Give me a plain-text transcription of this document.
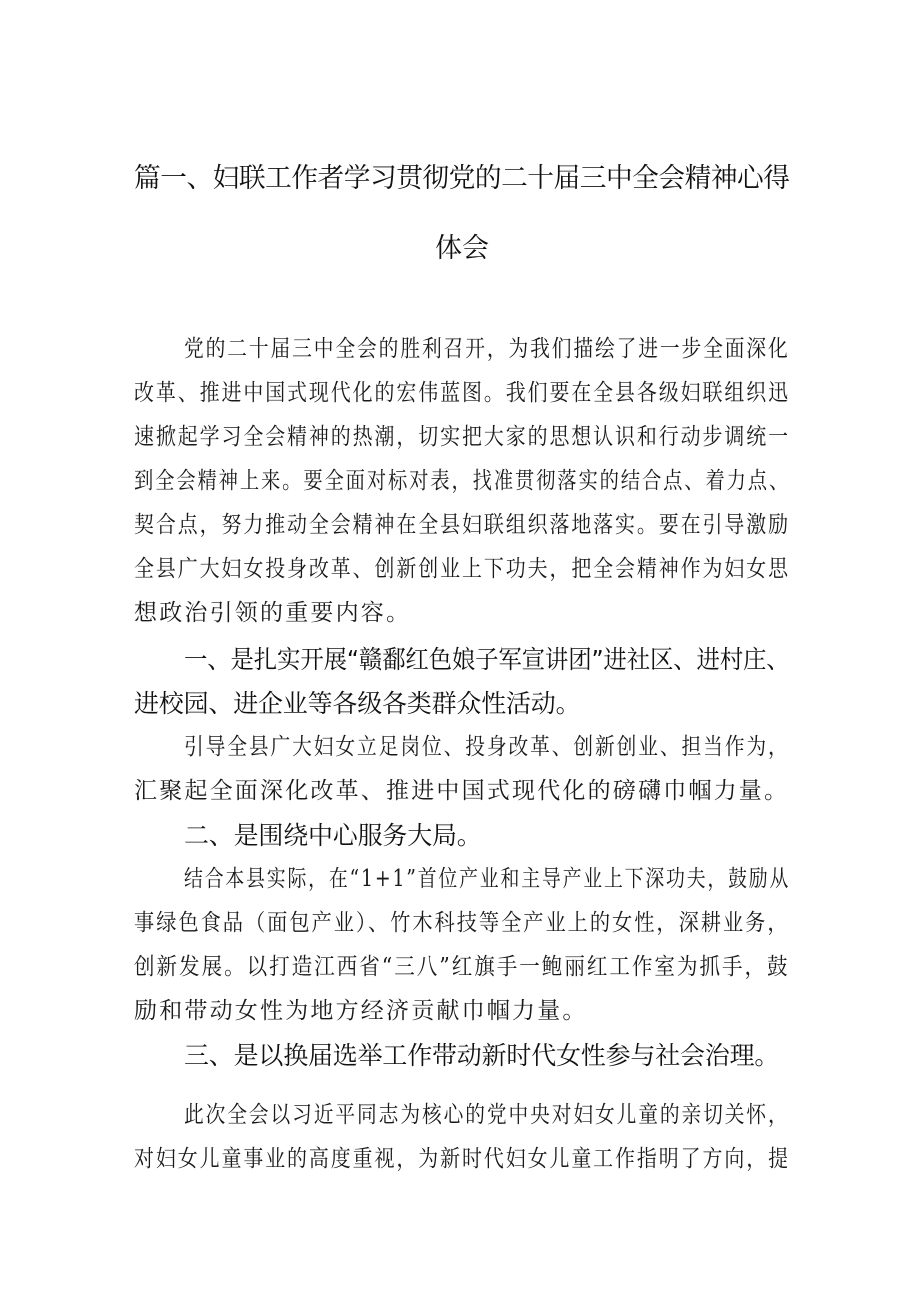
篇一、妇联工作者学习贯彻党的二十届三中全会精神心得
体会
党的二十届三中全会的胜利召开，为我们描绘了进一步全面深化
改革、推进中国式现代化的宏伟蓝图。我们要在全县各级妇联组织迅
速掀起学习全会精神的热潮，切实把大家的思想认识和行动步调统一
到全会精神上来。要全面对标对表，找准贯彻落实的结合点、着力点、
契合点，努力推动全会精神在全县妇联组织落地落实。要在引导激励
全县广大妇女投身改革、创新创业上下功夫，把全会精神作为妇女思
想政治引领的重要内容。
一、是扎实开展“赣鄱红色娘子军宣讲团”进社区、进村庄、
进校园、进企业等各级各类群众性活动。
引导全县广大妇女立足岗位、投身改革、创新创业、担当作为，
汇聚起全面深化改革、推进中国式现代化的磅礴巾帼力量。
二、是围绕中心服务大局。
结合本县实际，在“1+1”首位产业和主导产业上下深功夫，鼓励从
事绿色食品（面包产业）、竹木科技等全产业上的女性，深耕业务，
创新发展。以打造江西省“三八”红旗手一鲍丽红工作室为抓手，鼓
励和带动女性为地方经济贡献巾帼力量。
三、是以换届选举工作带动新时代女性参与社会治理。
此次全会以习近平同志为核心的党中央对妇女儿童的亲切关怀，
对妇女儿童事业的高度重视，为新时代妇女儿童工作指明了方向，提
